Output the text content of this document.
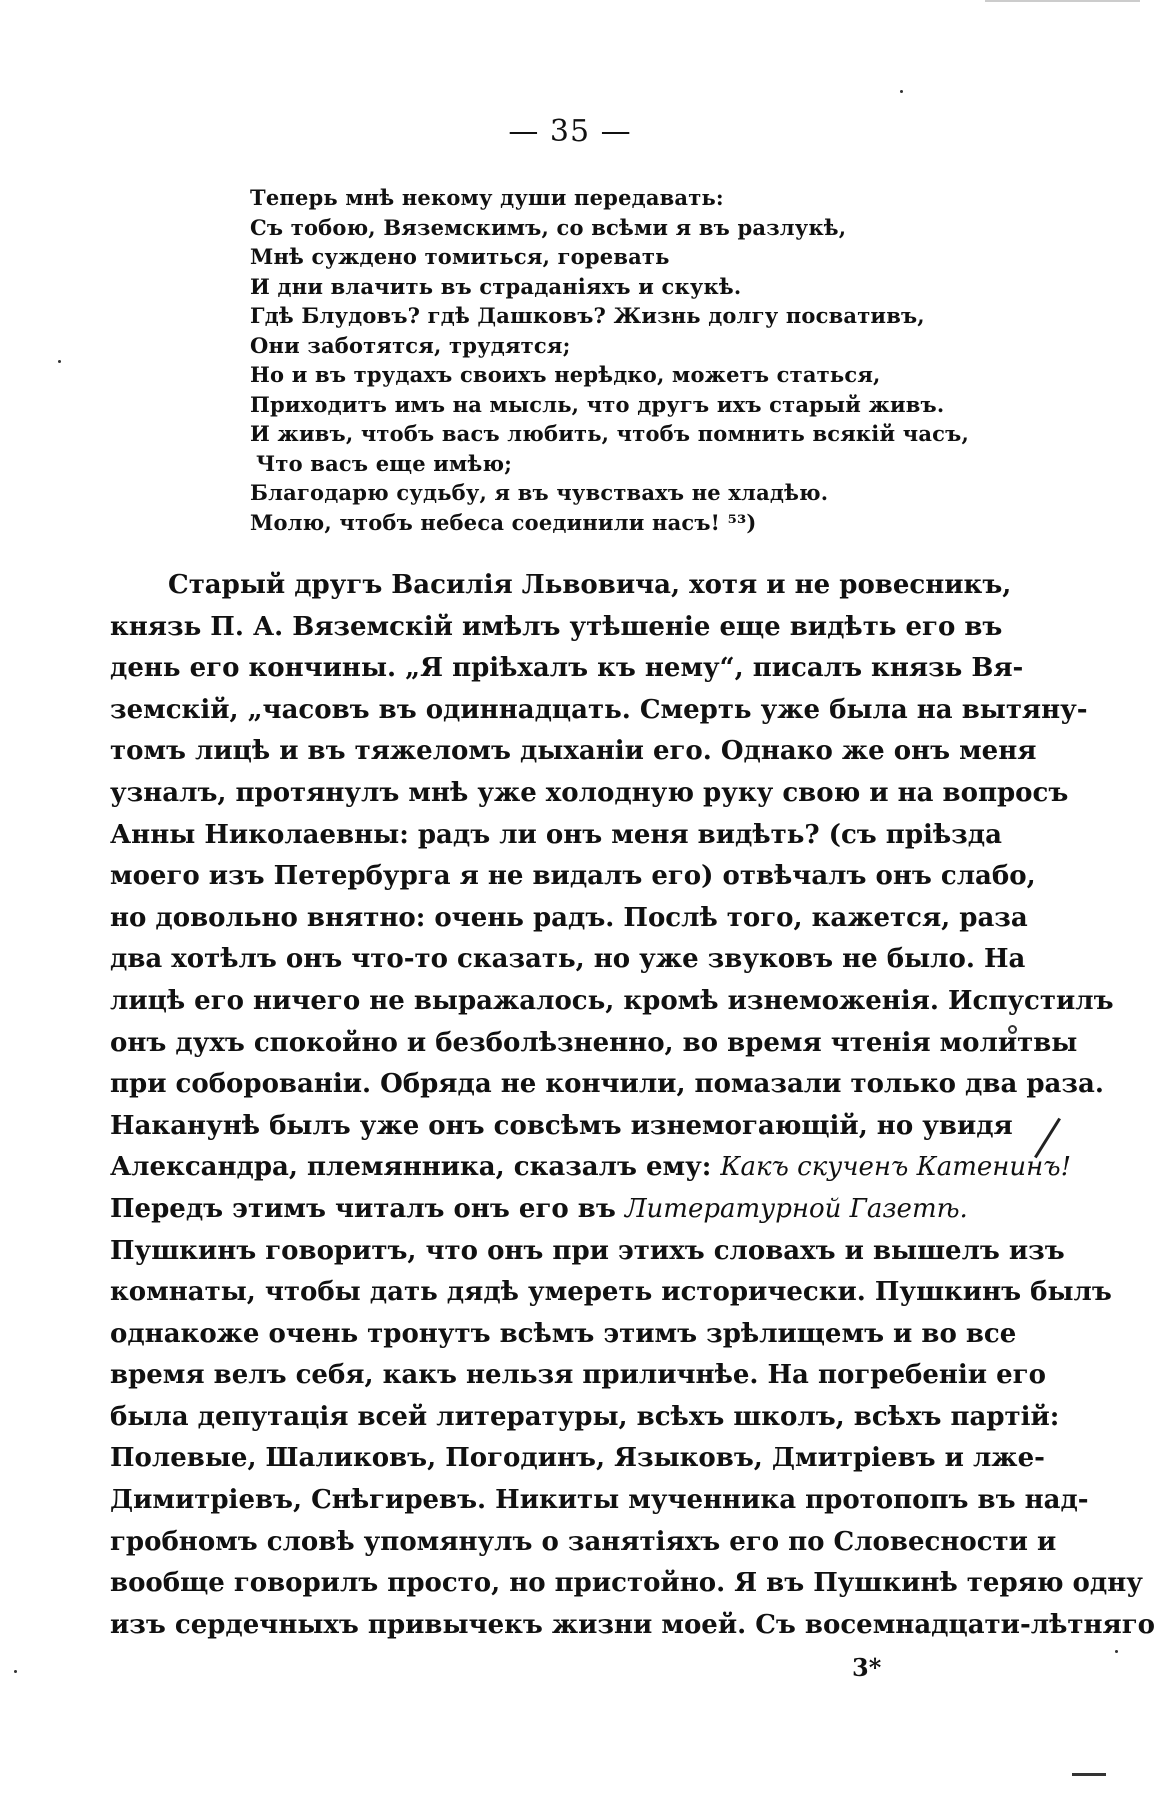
— 35 —
Теперь мнѣ некому души передавать:
Съ тобою, Вяземскимъ, со всѣми я въ разлукѣ,
Мнѣ суждено томиться, горевать
И дни влачить въ страданіяхъ и скукѣ.
Гдѣ Блудовъ? гдѣ Дашковъ? Жизнь долгу посвативъ,
Они заботятся, трудятся;
Но и въ трудахъ своихъ нерѣдко, можетъ статься,
Приходитъ имъ на мысль, что другъ ихъ старый живъ.
И живъ, чтобъ васъ любить, чтобъ помнить всякій часъ,
Что васъ еще имѣю;
Благодарю судьбу, я въ чувствахъ не хладѣю.
Молю, чтобъ небеса соединили насъ! ⁵³)
Старый другъ Василія Львовича, хотя и не ровесникъ,
князь П. А. Вяземскій имѣлъ утѣшеніе еще видѣть его въ
день его кончины. „Я пріѣхалъ къ нему“, писалъ князь Вя-
земскій, „часовъ въ одиннадцать. Смерть уже была на вытяну-
томъ лицѣ и въ тяжеломъ дыханіи его. Однако же онъ меня
узналъ, протянулъ мнѣ уже холодную руку свою и на вопросъ
Анны Николаевны: радъ ли онъ меня видѣть? (съ пріѣзда
моего изъ Петербурга я не видалъ его) отвѣчалъ онъ слабо,
но довольно внятно: очень радъ. Послѣ того, кажется, раза
два хотѣлъ онъ что-то сказать, но уже звуковъ не было. На
лицѣ его ничего не выражалось, кромѣ изнеможенія. Испустилъ
онъ духъ спокойно и безболѣзненно, во время чтенія молитвы
при соборованіи. Обряда не кончили, помазали только два раза.
Наканунѣ былъ уже онъ совсѣмъ изнемогающій, но увидя
Александра, племянника, сказалъ ему: Какъ скученъ Катенинъ!
Передъ этимъ читалъ онъ его въ Литературной Газетѣ.
Пушкинъ говоритъ, что онъ при этихъ словахъ и вышелъ изъ
комнаты, чтобы дать дядѣ умереть исторически. Пушкинъ былъ
однакоже очень тронутъ всѣмъ этимъ зрѣлищемъ и во все
время велъ себя, какъ нельзя приличнѣе. На погребеніи его
была депутація всей литературы, всѣхъ школъ, всѣхъ партій:
Полевые, Шаликовъ, Погодинъ, Языковъ, Дмитріевъ и лже-
Димитріевъ, Снѣгиревъ. Никиты мученника протопопъ въ над-
гробномъ словѣ упомянулъ о занятіяхъ его по Словесности и
вообще говорилъ просто, но пристойно. Я въ Пушкинѣ теряю одну
изъ сердечныхъ привычекъ жизни моей. Съ восемнадцати-лѣтняго
3*
